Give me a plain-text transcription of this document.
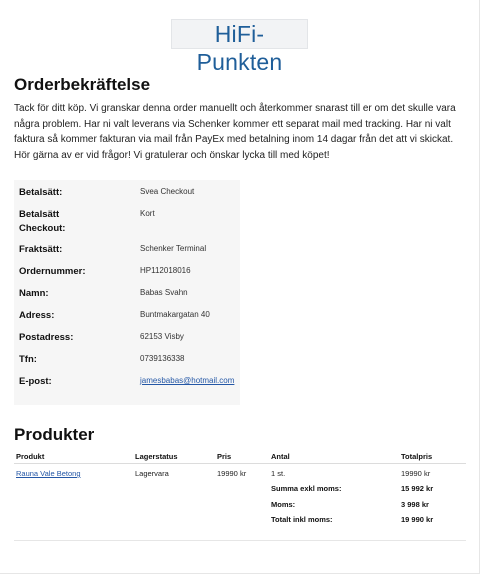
HiFi-Punkten
Orderbekräftelse

Tack för ditt köp. Vi granskar denna order manuellt och återkommer snarast till er om det skulle vara några problem. Har ni valt leverans via Schenker kommer ett separat mail med tracking. Har ni valt faktura så kommer fakturan via mail från PayEx med betalning inom 14 dagar från det att vi skickat. Hör gärna av er vid frågor! Vi gratulerar och önskar lycka till med köpet!

Betalsätt:	Svea Checkout
Betalsätt Checkout:
Kort
Fraktsätt:	Schenker Terminal
Ordernummer:	HP112018016
Namn:	Babas Svahn
Adress:	Buntmakargatan 40
Postadress:	62153 Visby
Tfn:	0739136338
E-post:	jamesbabas@hotmail.com
Produkter
Produkt	Lagerstatus	Pris	Antal	Totalpris
Rauna Vale Betong	Lagervara	19990 kr	1 st.	19990 kr
Summa exkl moms:	15 992 kr
Moms:	3 998 kr
Totalt inkl moms:	19 990 kr
